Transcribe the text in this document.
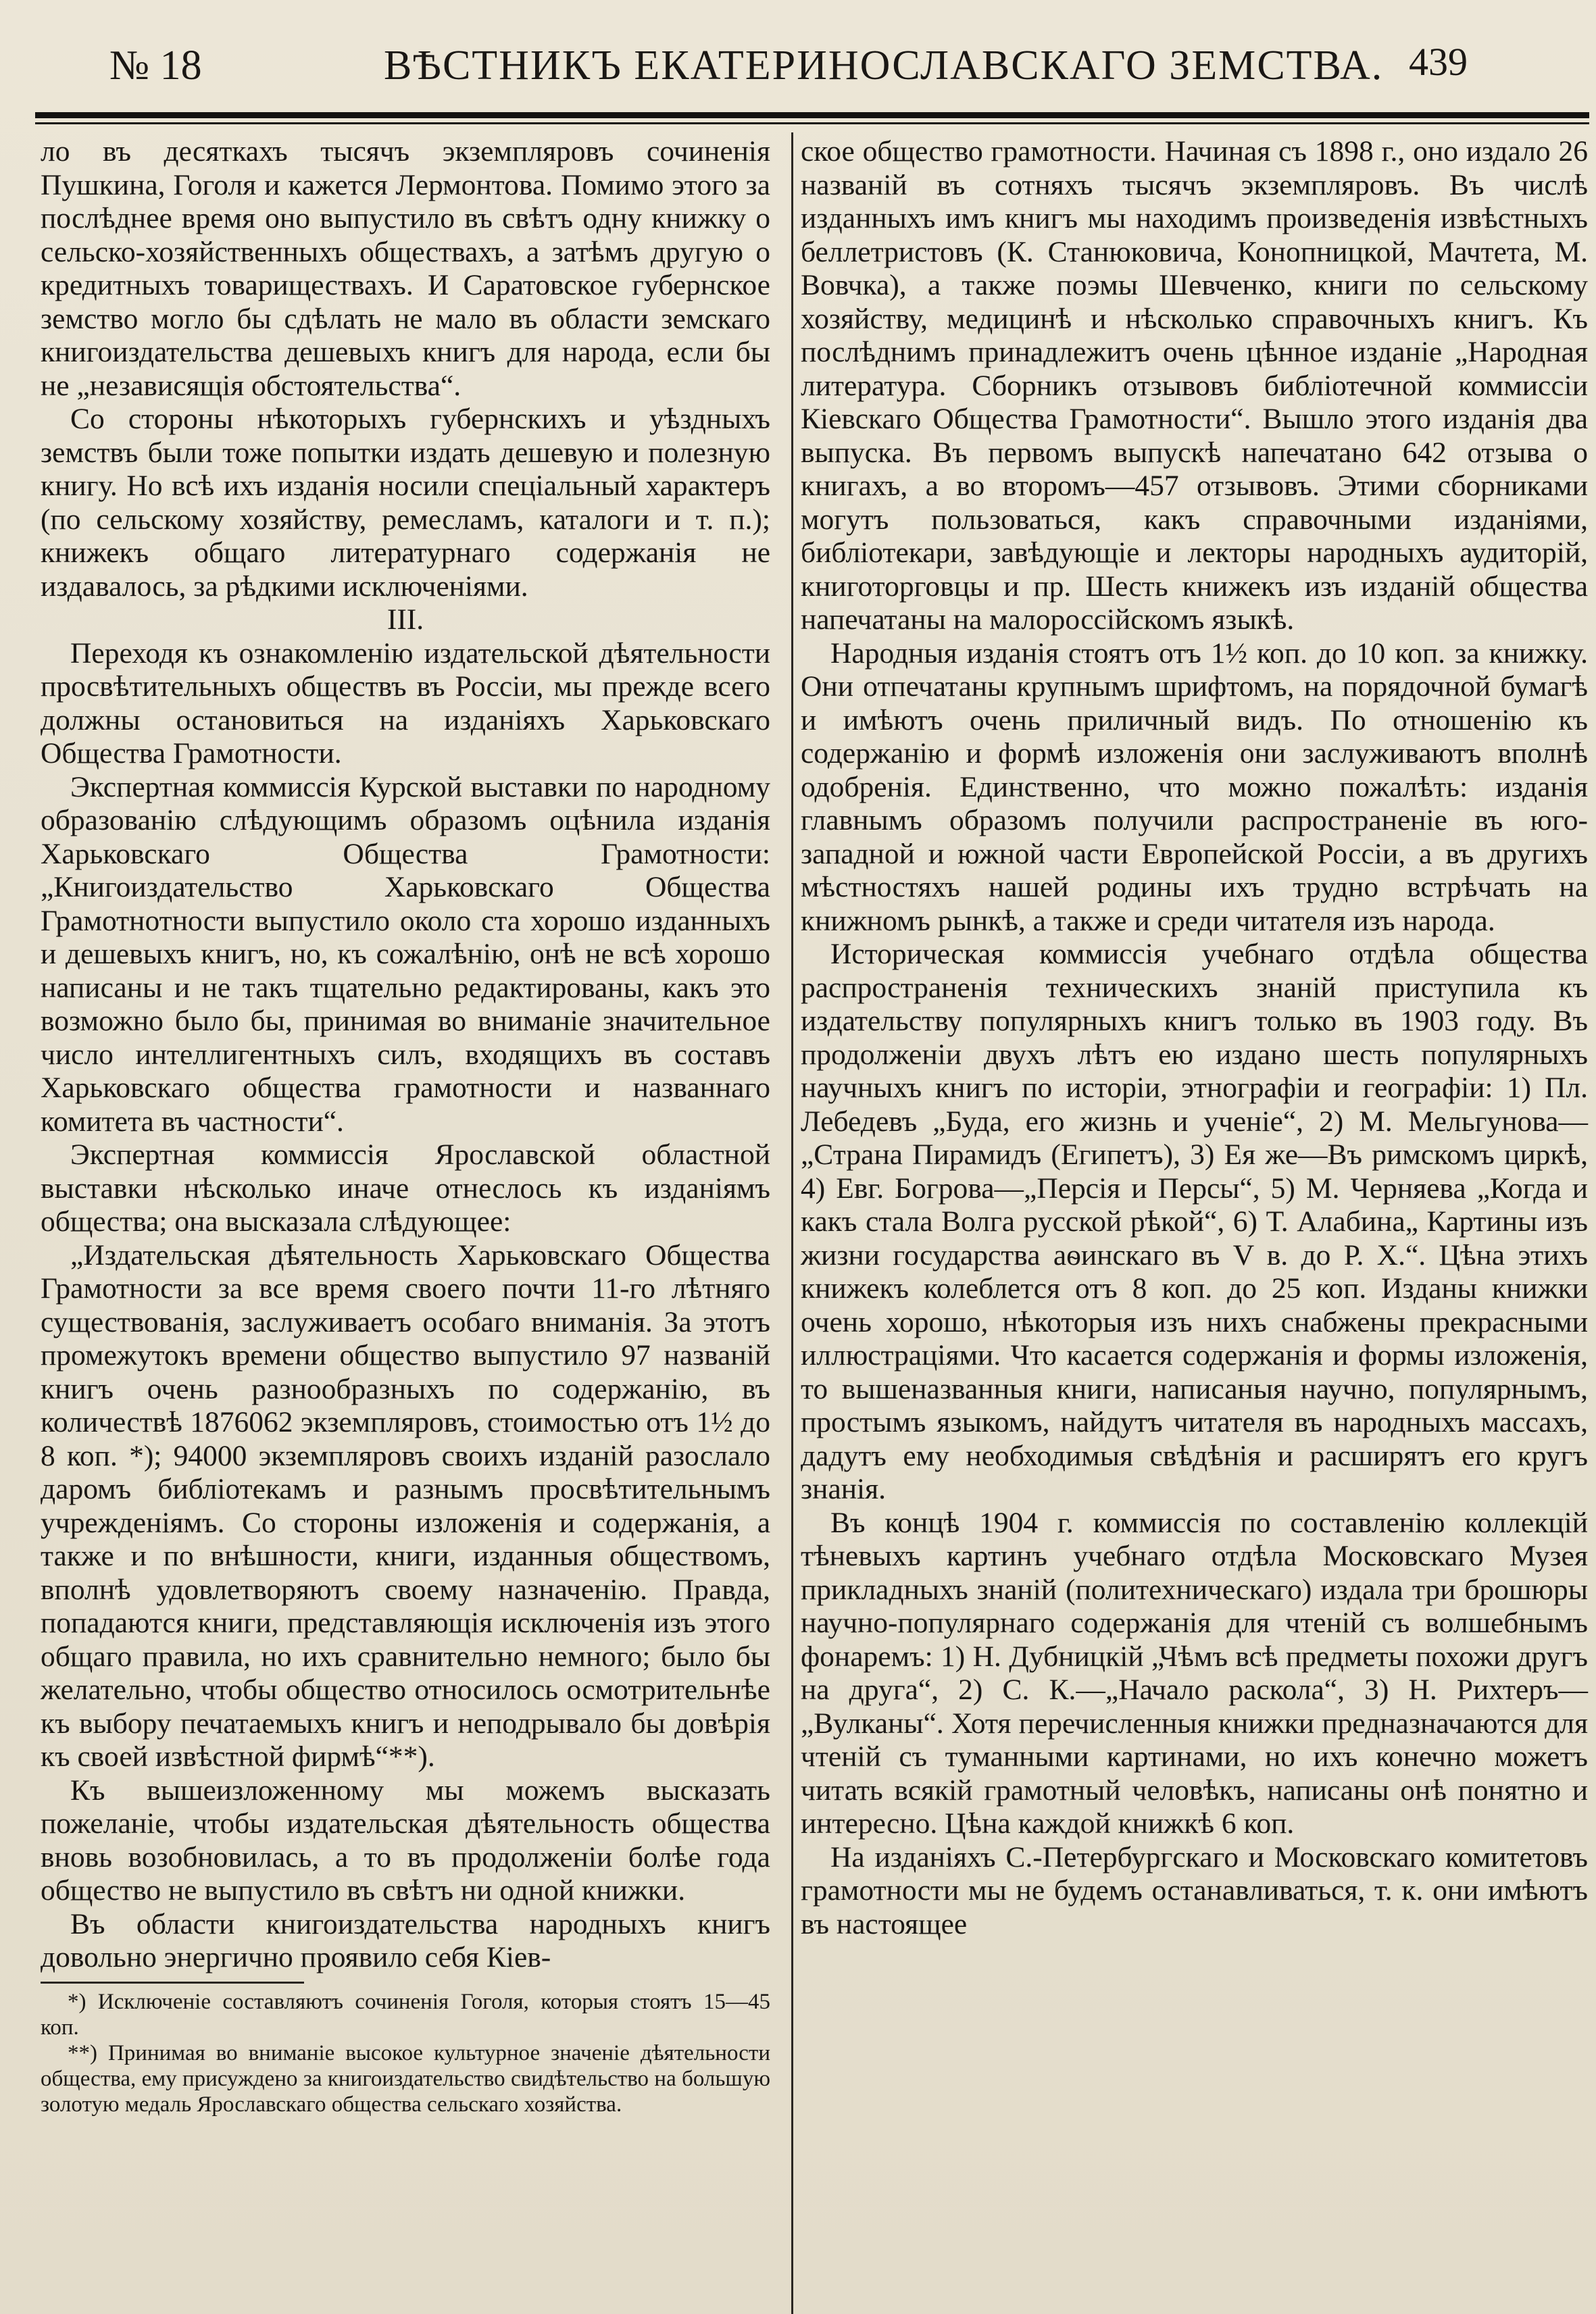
№ 18	ВѢСТНИКЪ ЕКАТЕРИНОСЛАВСКАГО ЗЕМСТВА. 439

ло въ десяткахъ тысячъ экземпляровъ сочиненія Пушкина, Гоголя и кажется Лермонтова. Помимо этого за послѣднее время оно выпустило въ свѣтъ одну книжку о сельско-хозяйственныхъ обществахъ, а затѣмъ другую о кредитныхъ товариществахъ. И Саратовское губернское земство могло бы сдѣлать не мало въ области земскаго книгоиздательства дешевыхъ книгъ для народа, если бы не „независящія обстоятельства“.

Со стороны нѣкоторыхъ губернскихъ и уѣздныхъ земствъ были тоже попытки издать дешевую и полезную книгу. Но всѣ ихъ изданія носили спеціальный характеръ (по сельскому хозяйству, ремесламъ, каталоги и т. п.); книжекъ общаго литературнаго содержанія не издавалось, за рѣдкими исключеніями.

III.

Переходя къ ознакомленію издательской дѣятельности просвѣтительныхъ обществъ въ Россіи, мы прежде всего должны остановиться на изданіяхъ Харьковскаго Общества Грамотности.

Экспертная коммиссія Курской выставки по народному образованію слѣдующимъ образомъ оцѣнила изданія Харьковскаго Общества Грамотности: „Книгоиздательство Харьковскаго Общества Грамотнотности выпустило около ста хорошо изданныхъ и дешевыхъ книгъ, но, къ сожалѣнію, онѣ не всѣ хорошо написаны и не такъ тщательно редактированы, какъ это возможно было бы, принимая во вниманіе значительное число интеллигентныхъ силъ, входящихъ въ составъ Харьковскаго общества грамотности и названнаго комитета въ частности“.

Экспертная коммиссія Ярославской областной выставки нѣсколько иначе отнеслось къ изданіямъ общества; она высказала слѣдующее:

„Издательская дѣятельность Харьковскаго Общества Грамотности за все время своего почти 11-го лѣтняго существованія, заслуживаетъ особаго вниманія. За этотъ промежутокъ времени общество выпустило 97 названій книгъ очень разнообразныхъ по содержанію, въ количествѣ 1876062 экземпляровъ, стоимостью отъ 1½ до 8 коп. *); 94000 экземпляровъ своихъ изданій разослало даромъ библіотекамъ и разнымъ просвѣтительнымъ учрежденіямъ. Со стороны изложенія и содержанія, а также и по внѣшности, книги, изданныя обществомъ, вполнѣ удовлетворяютъ своему назначенію. Правда, попадаются книги, представляющія исключенія изъ этого общаго правила, но ихъ сравнительно немного; было бы желательно, чтобы общество относилось осмотрительнѣе къ выбору печатаемыхъ книгъ и неподрывало бы довѣрія къ своей извѣстной фирмѣ“**).

Къ вышеизложенному мы можемъ высказать пожеланіе, чтобы издательская дѣятельность общества вновь возобновилась, а то въ продолженіи болѣе года общество не выпустило въ свѣтъ ни одной книжки.

Въ области книгоиздательства народныхъ книгъ довольно энергично проявило себя Кіев-

*) Исключеніе составляютъ сочиненія Гоголя, которыя стоятъ 15—45 коп.

**) Принимая во вниманіе высокое культурное значеніе дѣятельности общества, ему присуждено за книгоиздательство свидѣтельство на большую золотую медаль Ярославскаго общества сельскаго хозяйства.

ское общество грамотности. Начиная съ 1898 г., оно издало 26 названій въ сотняхъ тысячъ экземпляровъ. Въ числѣ изданныхъ имъ книгъ мы находимъ произведенія извѣстныхъ беллетристовъ (К. Станюковича, Конопницкой, Мачтета, М. Вовчка), а также поэмы Шевченко, книги по сельскому хозяйству, медицинѣ и нѣсколько справочныхъ книгъ. Къ послѣднимъ принадлежитъ очень цѣнное изданіе „Народная литература. Сборникъ отзывовъ библіотечной коммиссіи Кіевскаго Общества Грамотности“. Вышло этого изданія два выпуска. Въ первомъ выпускѣ напечатано 642 отзыва о книгахъ, а во второмъ—457 отзывовъ. Этими сборниками могутъ пользоваться, какъ справочными изданіями, библіотекари, завѣдующіе и лекторы народныхъ аудиторій, книготорговцы и пр. Шесть книжекъ изъ изданій общества напечатаны на малороссійскомъ языкѣ.

Народныя изданія стоятъ отъ 1½ коп. до 10 коп. за книжку. Они отпечатаны крупнымъ шрифтомъ, на порядочной бумагѣ и имѣютъ очень приличный видъ. По отношенію къ содержанію и формѣ изложенія они заслуживаютъ вполнѣ одобренія. Единственно, что можно пожалѣть: изданія главнымъ образомъ получили распространеніе въ юго-западной и южной части Европейской Россіи, а въ другихъ мѣстностяхъ нашей родины ихъ трудно встрѣчать на книжномъ рынкѣ, а также и среди читателя изъ народа.

Историческая коммиссія учебнаго отдѣла общества распространенія техническихъ знаній приступила къ издательству популярныхъ книгъ только въ 1903 году. Въ продолженіи двухъ лѣтъ ею издано шесть популярныхъ научныхъ книгъ по исторіи, этнографіи и географіи: 1) Пл. Лебедевъ „Буда, его жизнь и ученіе“, 2) М. Мельгунова—„Страна Пирамидъ (Египетъ), 3) Ея же—Въ римскомъ циркѣ, 4) Евг. Богрова—„Персія и Персы“, 5) М. Черняева „Когда и какъ стала Волга русской рѣкой“, 6) Т. Алабина„ Картины изъ жизни государства аѳинскаго въ V в. до Р. Х.“. Цѣна этихъ книжекъ колеблется отъ 8 коп. до 25 коп. Изданы книжки очень хорошо, нѣкоторыя изъ нихъ снабжены прекрасными иллюстраціями. Что касается содержанія и формы изложенія, то вышеназванныя книги, написаныя научно, популярнымъ, простымъ языкомъ, найдутъ читателя въ народныхъ массахъ, дадутъ ему необходимыя свѣдѣнія и расширятъ его кругъ знанія.

Въ концѣ 1904 г. коммиссія по составленію коллекцій тѣневыхъ картинъ учебнаго отдѣла Московскаго Музея прикладныхъ знаній (политехническаго) издала три брошюры научно-популярнаго содержанія для чтеній съ волшебнымъ фонаремъ: 1) Н. Дубницкій „Чѣмъ всѣ предметы похожи другъ на друга“, 2) С. К.—„Начало раскола“, 3) Н. Рихтеръ—„Вулканы“. Хотя перечисленныя книжки предназначаются для чтеній съ туманными картинами, но ихъ конечно можетъ читать всякій грамотный человѣкъ, написаны онѣ понятно и интересно. Цѣна каждой книжкѣ 6 коп.

На изданіяхъ С.-Петербургскаго и Московскаго комитетовъ грамотности мы не будемъ останавливаться, т. к. они имѣютъ въ настоящее
